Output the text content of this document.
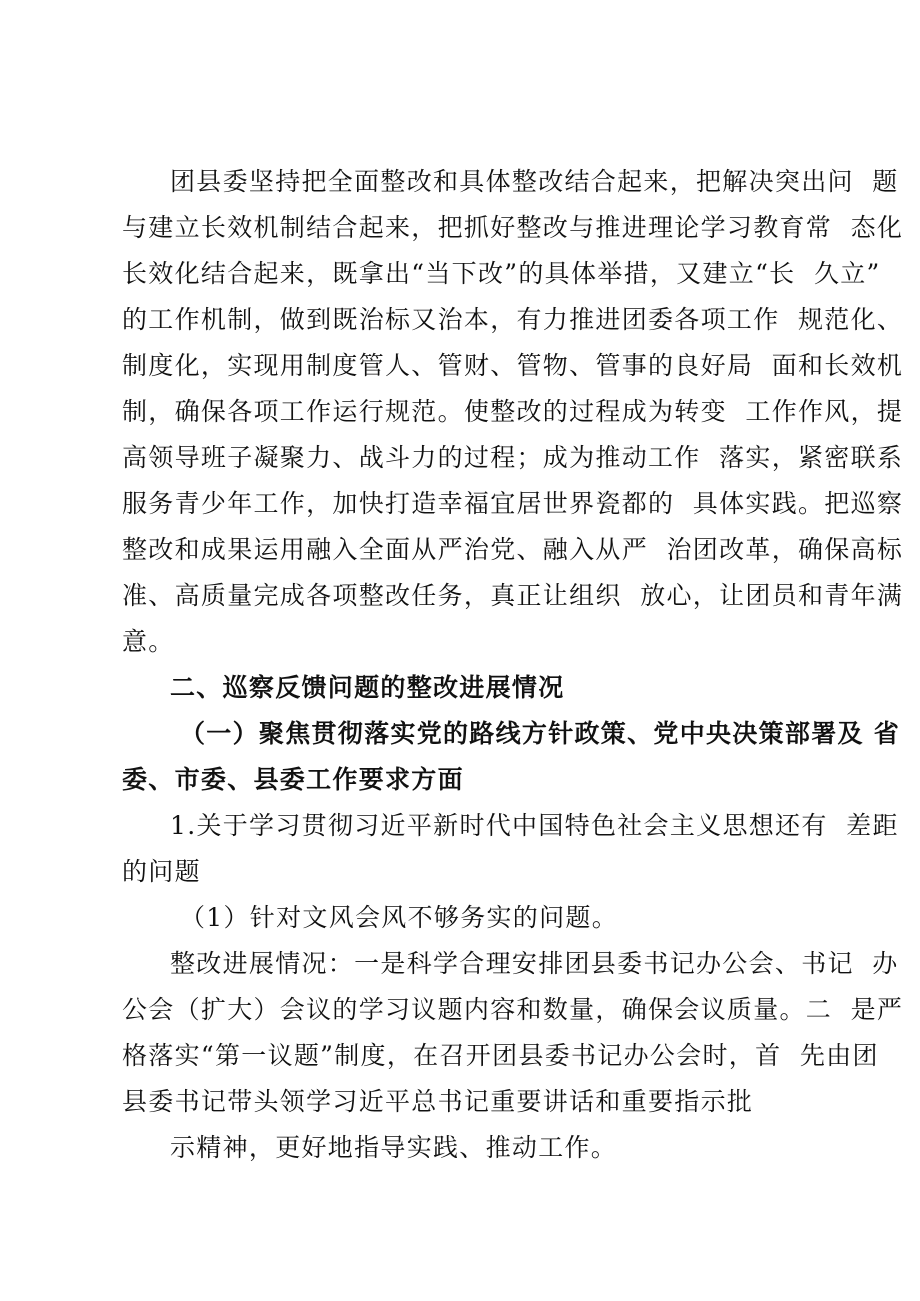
团县委坚持把全面整改和具体整改结合起来，把解决突出问  题
与建立长效机制结合起来，把抓好整改与推进理论学习教育常  态化
长效化结合起来，既拿出“当下改”的具体举措，又建立“长  久立”
的工作机制，做到既治标又治本，有力推进团委各项工作  规范化、
制度化，实现用制度管人、管财、管物、管事的良好局  面和长效机
制，确保各项工作运行规范。使整改的过程成为转变  工作作风，提
高领导班子凝聚力、战斗力的过程；成为推动工作  落实，紧密联系
服务青少年工作，加快打造幸福宜居世界瓷都的  具体实践。把巡察
整改和成果运用融入全面从严治党、融入从严  治团改革，确保高标
准、高质量完成各项整改任务，真正让组织  放心，让团员和青年满
意。
二、巡察反馈问题的整改进展情况
（一）聚焦贯彻落实党的路线方针政策、党中央决策部署及 省
委、市委、县委工作要求方面
1.关于学习贯彻习近平新时代中国特色社会主义思想还有  差距
的问题
（1）针对文风会风不够务实的问题。
整改进展情况：一是科学合理安排团县委书记办公会、书记  办
公会（扩大）会议的学习议题内容和数量，确保会议质量。二  是严
格落实“第一议题”制度，在召开团县委书记办公会时，首  先由团
县委书记带头领学习近平总书记重要讲话和重要指示批
示精神，更好地指导实践、推动工作。
